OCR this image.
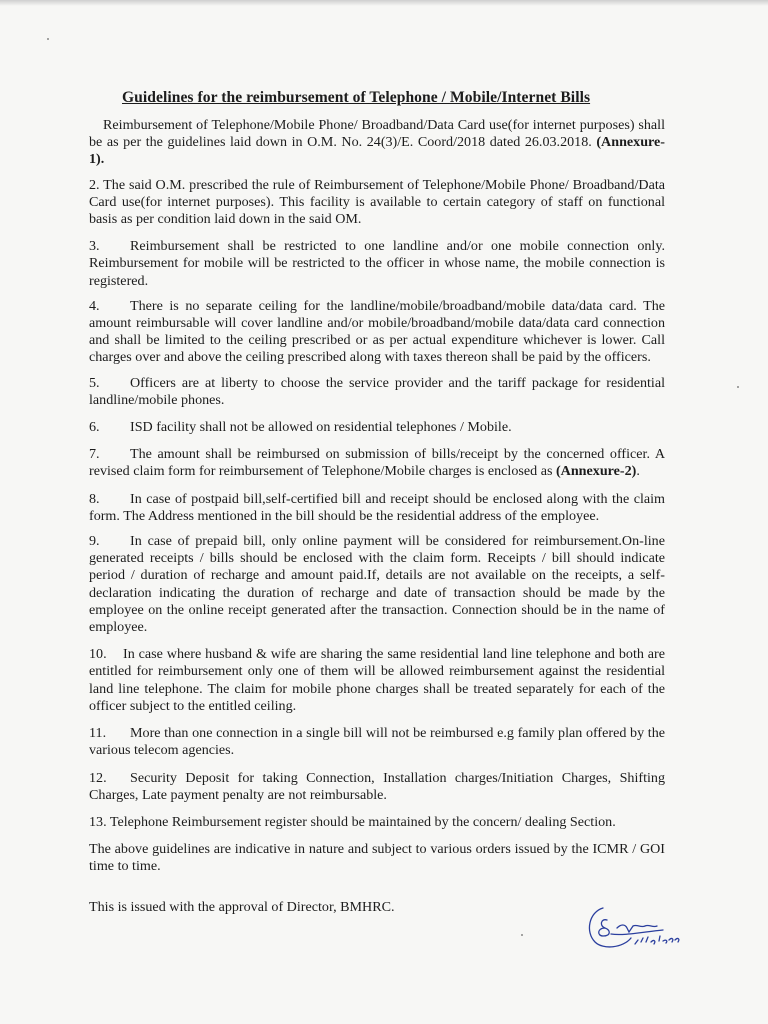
Guidelines for the reimbursement of Telephone / Mobile/Internet Bills
Reimbursement of Telephone/Mobile Phone/ Broadband/Data Card use(for internet purposes) shall be as per the guidelines laid down in O.M. No. 24(3)/E. Coord/2018 dated 26.03.2018. (Annexure-1).
2. The said O.M. prescribed the rule of Reimbursement of Telephone/Mobile Phone/ Broadband/Data Card use(for internet purposes). This facility is available to certain category of staff on functional basis as per condition laid down in the said OM.
3. Reimbursement shall be restricted to one landline and/or one mobile connection only. Reimbursement for mobile will be restricted to the officer in whose name, the mobile connection is registered.
4. There is no separate ceiling for the landline/mobile/broadband/mobile data/data card. The amount reimbursable will cover landline and/or mobile/broadband/mobile data/data card connection and shall be limited to the ceiling prescribed or as per actual expenditure whichever is lower. Call charges over and above the ceiling prescribed along with taxes thereon shall be paid by the officers.
5. Officers are at liberty to choose the service provider and the tariff package for residential landline/mobile phones.
6. ISD facility shall not be allowed on residential telephones / Mobile.
7. The amount shall be reimbursed on submission of bills/receipt by the concerned officer. A revised claim form for reimbursement of Telephone/Mobile charges is enclosed as (Annexure-2).
8. In case of postpaid bill,self-certified bill and receipt should be enclosed along with the claim form. The Address mentioned in the bill should be the residential address of the employee.
9. In case of prepaid bill, only online payment will be considered for reimbursement.On-line generated receipts / bills should be enclosed with the claim form. Receipts / bill should indicate period / duration of recharge and amount paid.If, details are not available on the receipts, a self-declaration indicating the duration of recharge and date of transaction should be made by the employee on the online receipt generated after the transaction. Connection should be in the name of employee.
10. In case where husband & wife are sharing the same residential land line telephone and both are entitled for reimbursement only one of them will be allowed reimbursement against the residential land line telephone. The claim for mobile phone charges shall be treated separately for each of the officer subject to the entitled ceiling.
11. More than one connection in a single bill will not be reimbursed e.g family plan offered by the various telecom agencies.
12. Security Deposit for taking Connection, Installation charges/Initiation Charges, Shifting Charges, Late payment penalty are not reimbursable.
13. Telephone Reimbursement register should be maintained by the concern/ dealing Section.
The above guidelines are indicative in nature and subject to various orders issued by the ICMR / GOI time to time.
This is issued with the approval of Director, BMHRC.
